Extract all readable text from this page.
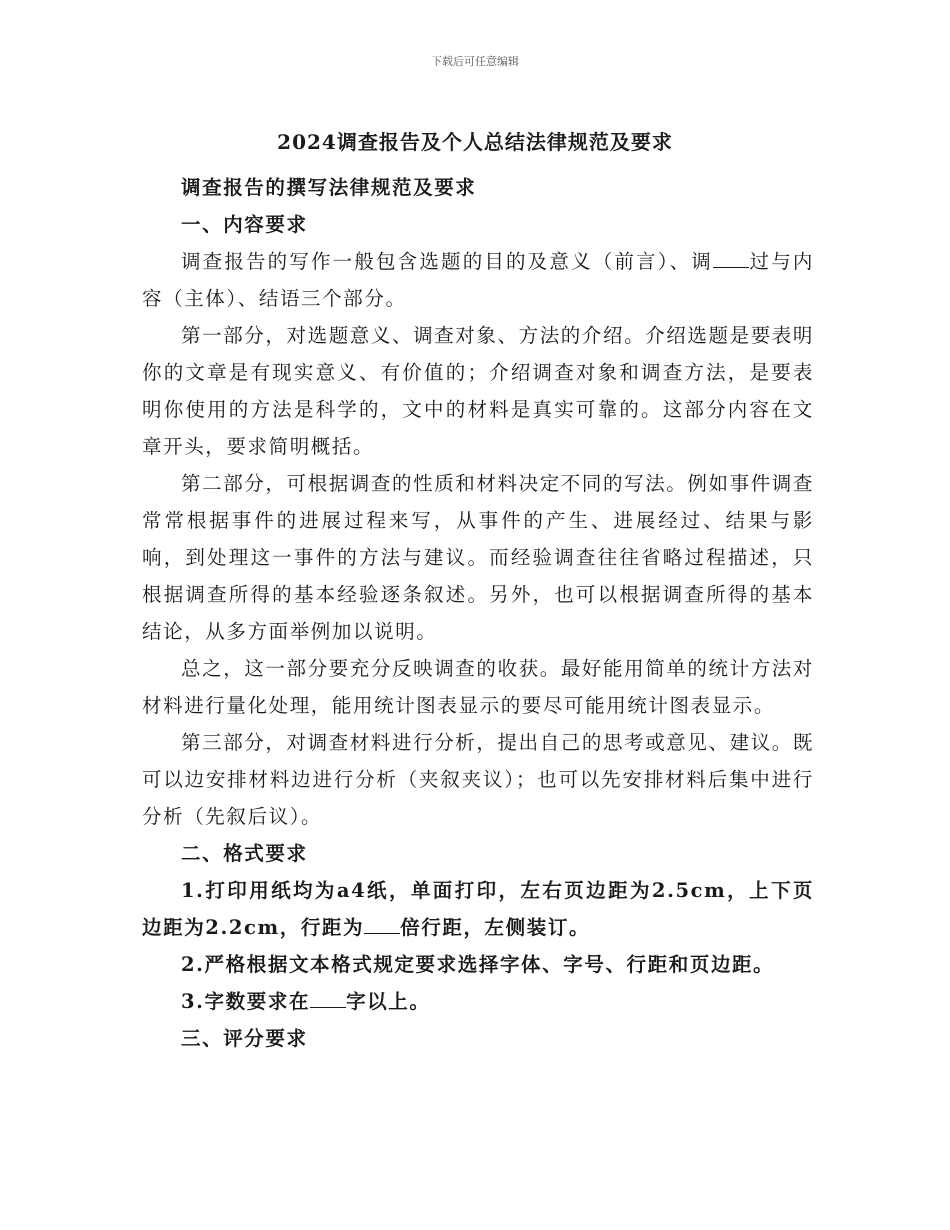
下载后可任意编辑
2024调查报告及个人总结法律规范及要求

调查报告的撰写法律规范及要求

一、内容要求

调查报告的写作一般包含选题的目的及意义（前言）、调 过与内容（主体）、结语三个部分。

第一部分，对选题意义、调查对象、方法的介绍。介绍选题是要表明你的文章是有现实意义、有价值的；介绍调查对象和调查方法，是要表明你使用的方法是科学的，文中的材料是真实可靠的。这部分内容在文章开头，要求简明概括。

第二部分，可根据调查的性质和材料决定不同的写法。例如事件调查常常根据事件的进展过程来写，从事件的产生、进展经过、结果与影响，到处理这一事件的方法与建议。而经验调查往往省略过程描述，只根据调查所得的基本经验逐条叙述。另外，也可以根据调查所得的基本结论，从多方面举例加以说明。

总之，这一部分要充分反映调查的收获。最好能用简单的统计方法对材料进行量化处理，能用统计图表显示的要尽可能用统计图表显示。

第三部分，对调查材料进行分析，提出自己的思考或意见、建议。既可以边安排材料边进行分析（夹叙夹议）；也可以先安排材料后集中进行分析（先叙后议）。

二、格式要求

1.打印用纸均为a4纸，单面打印，左右页边距为2.5cm，上下页边距为2.2cm，行距为 倍行距，左侧装订。

2.严格根据文本格式规定要求选择字体、字号、行距和页边距。

3.字数要求在 字以上。

三、评分要求
